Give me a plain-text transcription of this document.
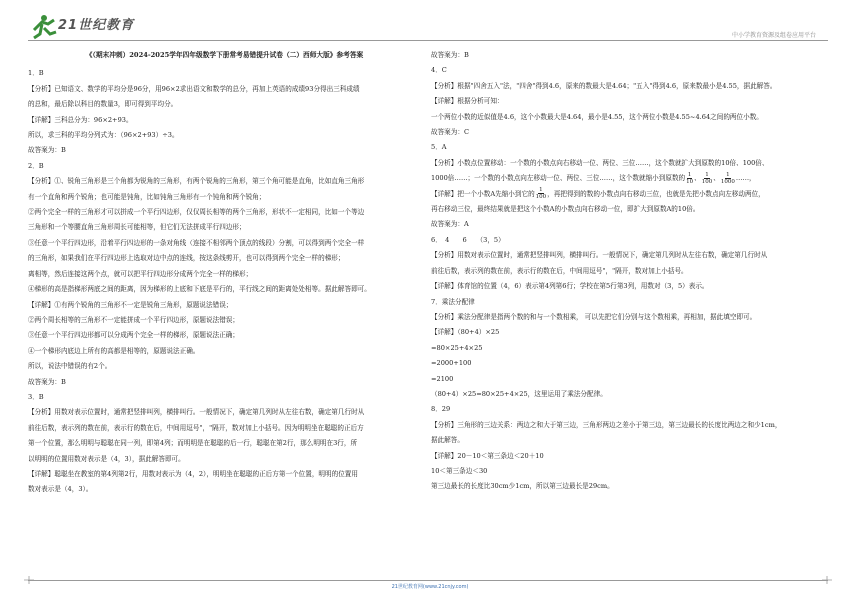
21世纪教育
中小学教育资源及组卷应用平台
《（期末冲刺）2024-2025学年四年级数学下册常考易错提升试卷（二）西师大版》参考答案
1．B
【分析】已知语文、数学的平均分是96分，用96×2求出语文和数学的总分，再加上英语的成绩93分得出三科成绩
的总和，最后除以科目的数量3，即可得到平均分。
【详解】三科总分为：96×2+93。
所以，求三科的平均分列式为：（96×2+93）÷3。
故答案为：B
2．B
【分析】①、锐角三角形是三个角都为锐角的三角形，有两个锐角的三角形，第三个角可能是直角，比如直角三角形
有一个直角和两个锐角；也可能是钝角，比如钝角三角形有一个钝角和两个锐角；
②两个完全一样的三角形才可以拼成一个平行四边形，仅仅周长相等的两个三角形，形状不一定相同，比如一个等边
三角形和一个等腰直角三角形周长可能相等，但它们无法拼成平行四边形；
③任意一个平行四边形，沿着平行四边形的一条对角线（连接不相邻两个顶点的线段）分割，可以得到两个完全一样
的三角形，如果我们在平行四边形上选取对边中点的连线，按这条线剪开，也可以得到两个完全一样的梯形；
离相等，然后连接这两个点，就可以把平行四边形分成两个完全一样的梯形；
④梯形的高是指梯形两底之间的距离，因为梯形的上底和下底是平行的，平行线之间的距离处处相等。据此解答即可。
【详解】①有两个锐角的三角形不一定是锐角三角形，原题说法错误；
②两个周长相等的三角形不一定能拼成一个平行四边形，原题说法错误；
③任意一个平行四边形都可以分成两个完全一样的梯形，原题说法正确；
④一个梯形内底边上所有的高都是相等的，原题说法正确。
所以，说法中错误的有2个。
故答案为：B
3．B
【分析】用数对表示位置时，通常把竖排叫列，横排叫行。一般情况下，确定第几列时从左往右数，确定第几行时从
前往后数，表示列的数在前，表示行的数在后，中间用逗号"，"隔开，数对加上小括号。因为明明坐在聪聪的正后方
第一个位置，那么明明与聪聪在同一列，即第4列；而明明是在聪聪的后一行，聪聪在第2行，那么明明在3行，所
以明明的位置用数对表示是（4，3），据此解答即可。
【详解】聪聪坐在教室的第4列第2行，用数对表示为（4，2），明明坐在聪聪的正后方第一个位置，明明的位置用
数对表示是（4，3）。
故答案为：B
4．C
【分析】根据"四舍五入"法，"四舍"得到4.6，原来的数最大是4.64；"五入"得到4.6，原来数最小是4.55，据此解答。
【详解】根据分析可知：
一个两位小数的近似值是4.6，这个小数最大是4.64，最小是4.55，这个两位小数是4.55~4.64之间的两位小数。
故答案为：C
5．A
【分析】小数点位置移动：一个数的小数点向右移动一位、两位、三位……，这个数就扩大到原数的10倍、100倍、
1000倍……；一个数的小数点向左移动一位、两位、三位……，这个数就缩小到原数的 $\frac{1}{10}$ 、 $\frac{1}{100}$ 、 $\frac{1}{1000}$ ……，
【详解】把一个小数A先缩小到它的 $\frac{1}{100}$ ，再把得到的数的小数点向右移动三位，也就是先把小数点向左移动两位，
再右移动三位，最终结果就是把这个小数A的小数点向右移动一位，即扩大到原数A的10倍。
故答案为：A
6．　4　　6　　（3，5）
【分析】用数对表示位置时，通常把竖排叫列，横排叫行。一般情况下，确定第几列时从左往右数，确定第几行时从
前往后数，表示列的数在前，表示行的数在后，中间用逗号"，"隔开，数对加上小括号。
【详解】体育馆的位置（4，6）表示第4列第6行；学校在第5行第3列，用数对（3，5）表示。
7．乘法分配律
【分析】乘法分配律是指两个数的和与一个数相乘， 可以先把它们分别与这个数相乘，再相加，据此填空即可。
【详解】（80+4）×25
=80×25+4×25
=2000+100
=2100
（80+4）×25=80×25+4×25，这里运用了乘法分配律。
8．29
【分析】三角形的三边关系：两边之和大于第三边，三角形两边之差小于第三边，第三边最长的长度比两边之和少1cm，
据此解答。
【详解】20－10＜第三条边＜20＋10
10＜第三条边＜30
第三边最长的长度比30cm少1cm，所以第三边最长是29cm。
21世纪教育网(www.21cnjy.com)
